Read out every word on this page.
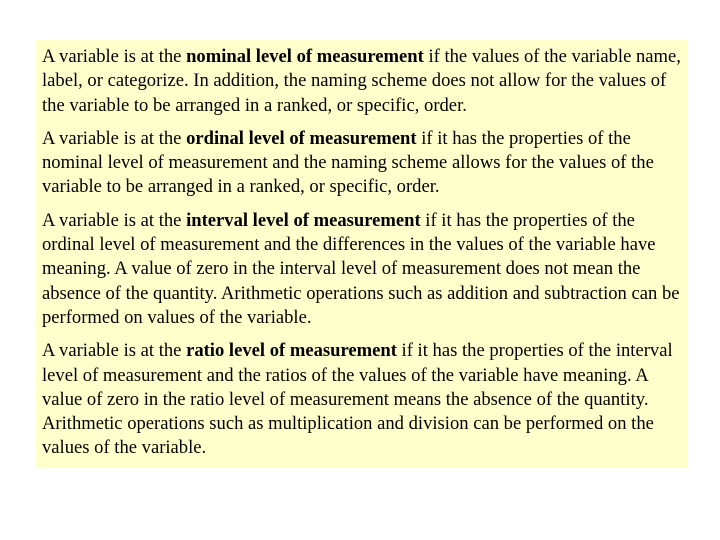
A variable is at the nominal level of measurement if the values of the variable name, label, or categorize. In addition, the naming scheme does not allow for the values of the variable to be arranged in a ranked, or specific, order.

A variable is at the ordinal level of measurement if it has the properties of the nominal level of measurement and the naming scheme allows for the values of the variable to be arranged in a ranked, or specific, order.

A variable is at the interval level of measurement if it has the properties of the ordinal level of measurement and the differences in the values of the variable have meaning. A value of zero in the interval level of measurement does not mean the absence of the quantity. Arithmetic operations such as addition and subtraction can be performed on values of the variable.

A variable is at the ratio level of measurement if it has the properties of the interval level of measurement and the ratios of the values of the variable have meaning. A value of zero in the ratio level of measurement means the absence of the quantity. Arithmetic operations such as multiplication and division can be performed on the values of the variable.
